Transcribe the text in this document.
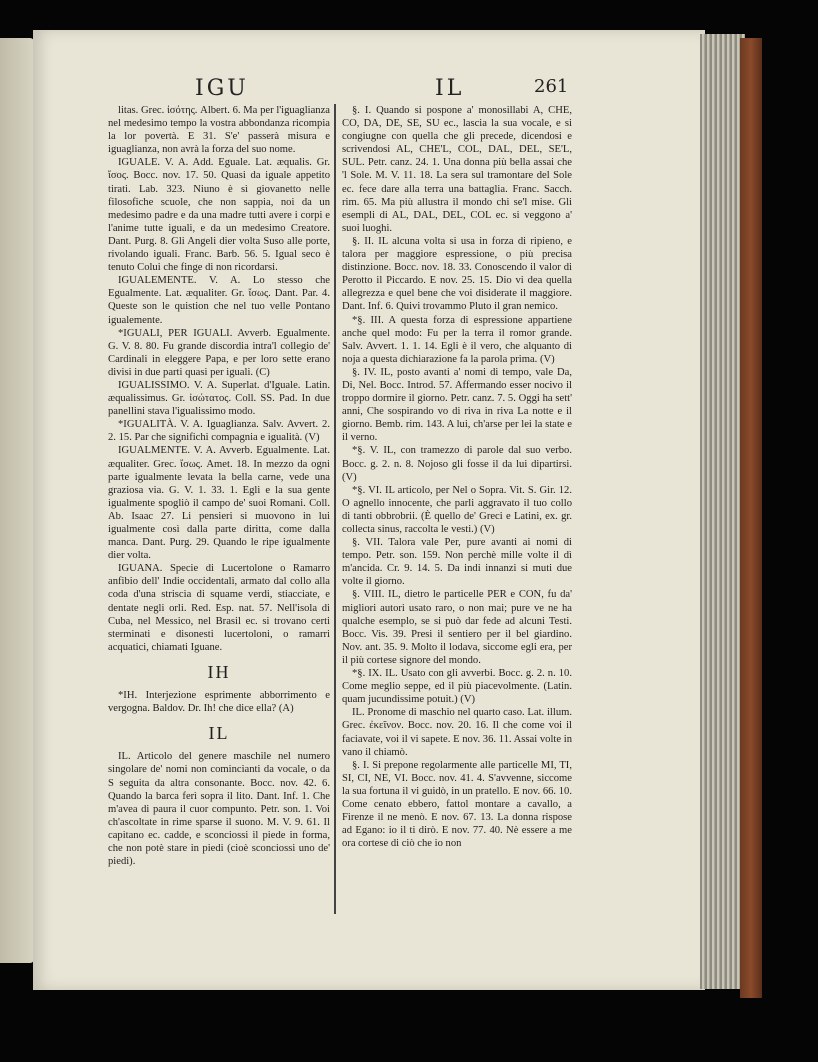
IGU	IL	261

litas. Grec. ἰσότης. Albert. 6. Ma per l'iguaglianza nel medesimo tempo la vostra abbondanza ricompia la lor povertà. E 31. S'e' passerà misura e iguaglianza, non avrà la forza del suo nome.

IGUALE. V. A. Add. Eguale. Lat. æqualis. Gr. ἴσος. Bocc. nov. 17. 50. Quasi da iguale appetito tirati. Lab. 323. Niuno è sì giovanetto nelle filosofiche scuole, che non sappia, noi da un medesimo padre e da una madre tutti avere i corpi e l'anime tutte iguali, e da un medesimo Creatore. Dant. Purg. 8. Gli Angeli dier volta Suso alle porte, rivolando iguali. Franc. Barb. 56. 5. Igual seco è tenuto Colui che finge di non ricordarsi.

IGUALEMENTE. V. A. Lo stesso che Egualmente. Lat. æqualiter. Gr. ἴσως. Dant. Par. 4. Queste son le quistion che nel tuo velle Pontano igualemente.

*IGUALI, PER IGUALI. Avverb. Egualmente. G. V. 8. 80. Fu grande discordia intra'l collegio de' Cardinali in eleggere Papa, e per loro sette erano divisi in due parti quasi per iguali. (C)

IGUALISSIMO. V. A. Superlat. d'Iguale. Latin. æqualissimus. Gr. ἰσώτατος. Coll. SS. Pad. In due panellini stava l'igualissimo modo.

*IGUALITÀ. V. A. Iguaglianza. Salv. Avvert. 2. 2. 15. Par che significhi compagnia e igualità. (V)

IGUALMENTE. V. A. Avverb. Egualmente. Lat. æqualiter. Grec. ἴσως. Amet. 18. In mezzo da ogni parte igualmente levata la bella carne, vede una graziosa via. G. V. 1. 33. 1. Egli e la sua gente igualmente spogliò il campo de' suoi Romani. Coll. Ab. Isaac 27. Li pensieri si muovono in lui igualmente così dalla parte diritta, come dalla manca. Dant. Purg. 29. Quando le ripe igualmente dier volta.

IGUANA. Specie di Lucertolone o Ramarro anfibio dell' Indie occidentali, armato dal collo alla coda d'una striscia di squame verdi, stiacciate, e dentate negli orli. Red. Esp. nat. 57. Nell'isola di Cuba, nel Messico, nel Brasil ec. si trovano certi sterminati e disonesti lucertoloni, o ramarri acquatici, chiamati Iguane.

IH

*IH. Interjezione esprimente abborrimento e vergogna. Baldov. Dr. Ih! che dice ella? (A)

IL

IL. Articolo del genere maschile nel numero singolare de' nomi non comincianti da vocale, o da S seguita da altra consonante. Bocc. nov. 42. 6. Quando la barca ferì sopra il lito. Dant. Inf. 1. Che m'avea di paura il cuor compunto. Petr. son. 1. Voi ch'ascoltate in rime sparse il suono. M. V. 9. 61. Il capitano ec. cadde, e sconciossi il piede in forma, che non potè stare in piedi (cioè sconciossi uno de' piedi).

§. I. Quando si pospone a' monosillabi A, CHE, CO, DA, DE, SE, SU ec., lascia la sua vocale, e si congiugne con quella che gli precede, dicendosi e scrivendosi AL, CHE'L, COL, DAL, DEL, SE'L, SUL. Petr. canz. 24. 1. Una donna più bella assai che 'l Sole. M. V. 11. 18. La sera sul tramontare del Sole ec. fece dare alla terra una battaglia. Franc. Sacch. rim. 65. Ma più allustra il mondo chi se'l mise. Gli esempli di AL, DAL, DEL, COL ec. si veggono a' suoi luoghi.

§. II. IL alcuna volta si usa in forza di ripieno, e talora per maggiore espressione, o più precisa distinzione. Bocc. nov. 18. 33. Conoscendo il valor di Perotto il Piccardo. E nov. 25. 15. Dio vi dea quella allegrezza e quel bene che voi disiderate il maggiore. Dant. Inf. 6. Quivi trovammo Pluto il gran nemico.

*§. III. A questa forza di espressione appartiene anche quel modo: Fu per la terra il romor grande. Salv. Avvert. 1. 1. 14. Egli è il vero, che alquanto di noja a questa dichiarazione fa la parola prima. (V)

§. IV. IL, posto avanti a' nomi di tempo, vale Da, Di, Nel. Bocc. Introd. 57. Affermando esser nocivo il troppo dormire il giorno. Petr. canz. 7. 5. Oggi ha sett' anni, Che sospirando vo di riva in riva La notte e il giorno. Bemb. rim. 143. A lui, ch'arse per lei la state e il verno.

*§. V. IL, con tramezzo di parole dal suo verbo. Bocc. g. 2. n. 8. Nojoso gli fosse il da lui dipartirsi. (V)

*§. VI. IL articolo, per Nel o Sopra. Vit. S. Gir. 12. O agnello innocente, che parli aggravato il tuo collo di tanti obbrobrii. (È quello de' Greci e Latini, ex. gr. collecta sinus, raccolta le vesti.) (V)

§. VII. Talora vale Per, pure avanti ai nomi di tempo. Petr. son. 159. Non perchè mille volte il dì m'ancida. Cr. 9. 14. 5. Da indi innanzi si muti due volte il giorno.

§. VIII. IL, dietro le particelle PER e CON, fu da' migliori autori usato raro, o non mai; pure ve ne ha qualche esemplo, se si può dar fede ad alcuni Testi. Bocc. Vis. 39. Presi il sentiero per il bel giardino. Nov. ant. 35. 9. Molto il lodava, siccome egli era, per il più cortese signore del mondo.

*§. IX. IL. Usato con gli avverbi. Bocc. g. 2. n. 10. Come meglio seppe, ed il più piacevolmente. (Latin. quam jucundissime potuit.) (V)

IL. Pronome di maschio nel quarto caso. Lat. illum. Grec. ἐκεῖνον. Bocc. nov. 20. 16. Il che come voi il faciavate, voi il vi sapete. E nov. 36. 11. Assai volte in vano il chiamò.

§. I. Si prepone regolarmente alle particelle MI, TI, SI, CI, NE, VI. Bocc. nov. 41. 4. S'avvenne, siccome la sua fortuna il vi guidò, in un pratello. E nov. 66. 10. Come cenato ebbero, fattol montare a cavallo, a Firenze il ne menò. E nov. 67. 13. La donna rispose ad Egano: io il ti dirò. E nov. 77. 40. Nè essere a me ora cortese di ciò che io non
